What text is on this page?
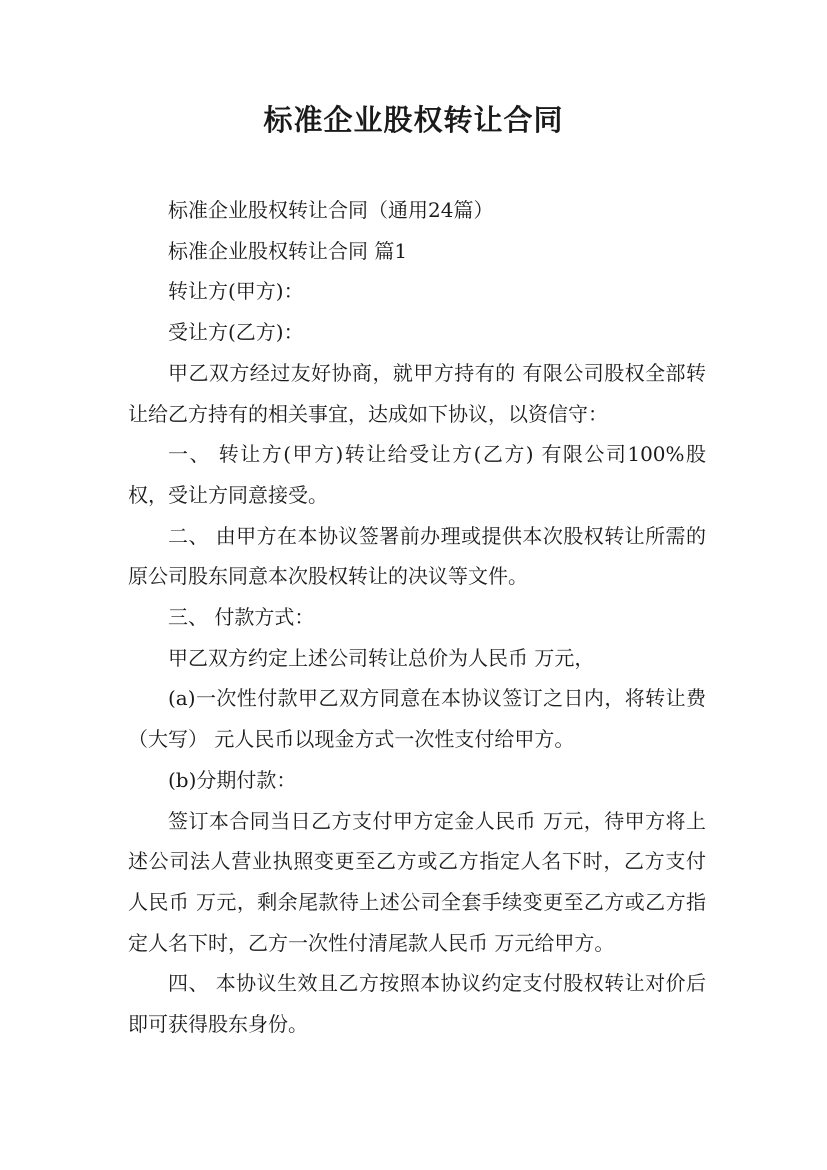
标准企业股权转让合同

标准企业股权转让合同（通用24篇）

标准企业股权转让合同 篇1

转让方(甲方)：

受让方(乙方)：

甲乙双方经过友好协商，就甲方持有的 有限公司股权全部转让给乙方持有的相关事宜，达成如下协议，以资信守：

一、 转让方(甲方)转让给受让方(乙方) 有限公司100%股权，受让方同意接受。

二、 由甲方在本协议签署前办理或提供本次股权转让所需的原公司股东同意本次股权转让的决议等文件。

三、 付款方式：

甲乙双方约定上述公司转让总价为人民币 万元，

(a)一次性付款甲乙双方同意在本协议签订之日内，将转让费（大写） 元人民币以现金方式一次性支付给甲方。

(b)分期付款：

签订本合同当日乙方支付甲方定金人民币 万元，待甲方将上述公司法人营业执照变更至乙方或乙方指定人名下时，乙方支付人民币 万元，剩余尾款待上述公司全套手续变更至乙方或乙方指定人名下时，乙方一次性付清尾款人民币 万元给甲方。

四、 本协议生效且乙方按照本协议约定支付股权转让对价后即可获得股东身份。
